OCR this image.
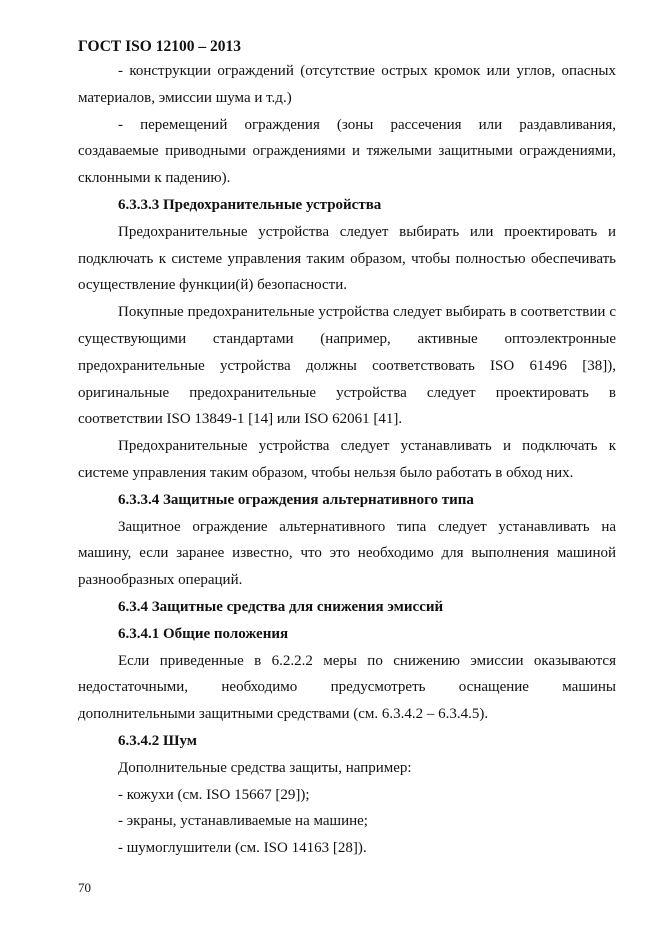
ГОСТ ISO 12100 – 2013

- конструкции ограждений (отсутствие острых кромок или углов, опасных материалов, эмиссии шума и т.д.)

- перемещений ограждения (зоны рассечения или раздавливания, создаваемые приводными ограждениями и тяжелыми защитными ограждениями, склонными к падению).

6.3.3.3 Предохранительные устройства

Предохранительные устройства следует выбирать или проектировать и подключать к системе управления таким образом, чтобы полностью обеспечивать осуществление функции(й) безопасности.

Покупные предохранительные устройства следует выбирать в соответствии с существующими стандартами (например, активные оптоэлектронные предохранительные устройства должны соответствовать ISO 61496 [38]), оригинальные предохранительные устройства следует проектировать в соответствии ISO 13849-1 [14] или ISO 62061 [41].

Предохранительные устройства следует устанавливать и подключать к системе управления таким образом, чтобы нельзя было работать в обход них.

6.3.3.4 Защитные ограждения альтернативного типа

Защитное ограждение альтернативного типа следует устанавливать на машину, если заранее известно, что это необходимо для выполнения машиной разнообразных операций.

6.3.4 Защитные средства для снижения эмиссий

6.3.4.1 Общие положения

Если приведенные в 6.2.2.2 меры по снижению эмиссии оказываются недостаточными, необходимо предусмотреть оснащение машины дополнительными защитными средствами (см. 6.3.4.2 – 6.3.4.5).

6.3.4.2 Шум

Дополнительные средства защиты, например:

- кожухи (см. ISO 15667 [29]);

- экраны, устанавливаемые на машине;

- шумоглушители (см. ISO 14163 [28]).

70
